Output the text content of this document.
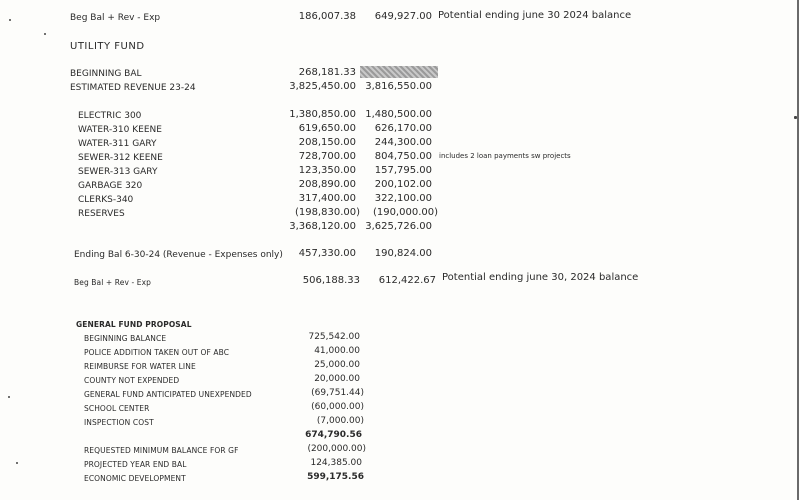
Beg Bal + Rev - Exp	186,007.38	649,927.00 Potential ending june 30 2024 balance
UTILITY FUND
BEGINNING BAL	268,181.33
ESTIMATED REVENUE 23-24	3,825,450.00 3,816,550.00
ELECTRIC 300	1,380,850.00 1,480,500.00
WATER-310 KEENE	619,650.00	626,170.00
WATER-311 GARY	208,150.00	244,300.00
SEWER-312 KEENE	728,700.00	804,750.00 includes 2 loan payments sw projects
SEWER-313 GARY	123,350.00	157,795.00
GARBAGE 320	208,890.00	200,102.00
CLERKS-340	317,400.00	322,100.00
RESERVES	(198,830.00)	(190,000.00)
3,368,120.00 3,625,726.00
Ending Bal 6-30-24 (Revenue - Expenses only)	457,330.00	190,824.00
Beg Bal + Rev - Exp	506,188.33	612,422.67 Potential ending june 30, 2024 balance
GENERAL FUND PROPOSAL
BEGINNING BALANCE	725,542.00
POLICE ADDITION TAKEN OUT OF ABC	41,000.00
REIMBURSE FOR WATER LINE	25,000.00
COUNTY NOT EXPENDED	20,000.00
GENERAL FUND ANTICIPATED UNEXPENDED	(69,751.44)
SCHOOL CENTER	(60,000.00)
INSPECTION COST	(7,000.00)
674,790.56
REQUESTED MINIMUM BALANCE FOR GF	(200,000.00)
PROJECTED YEAR END BAL	124,385.00
ECONOMIC DEVELOPMENT	599,175.56
